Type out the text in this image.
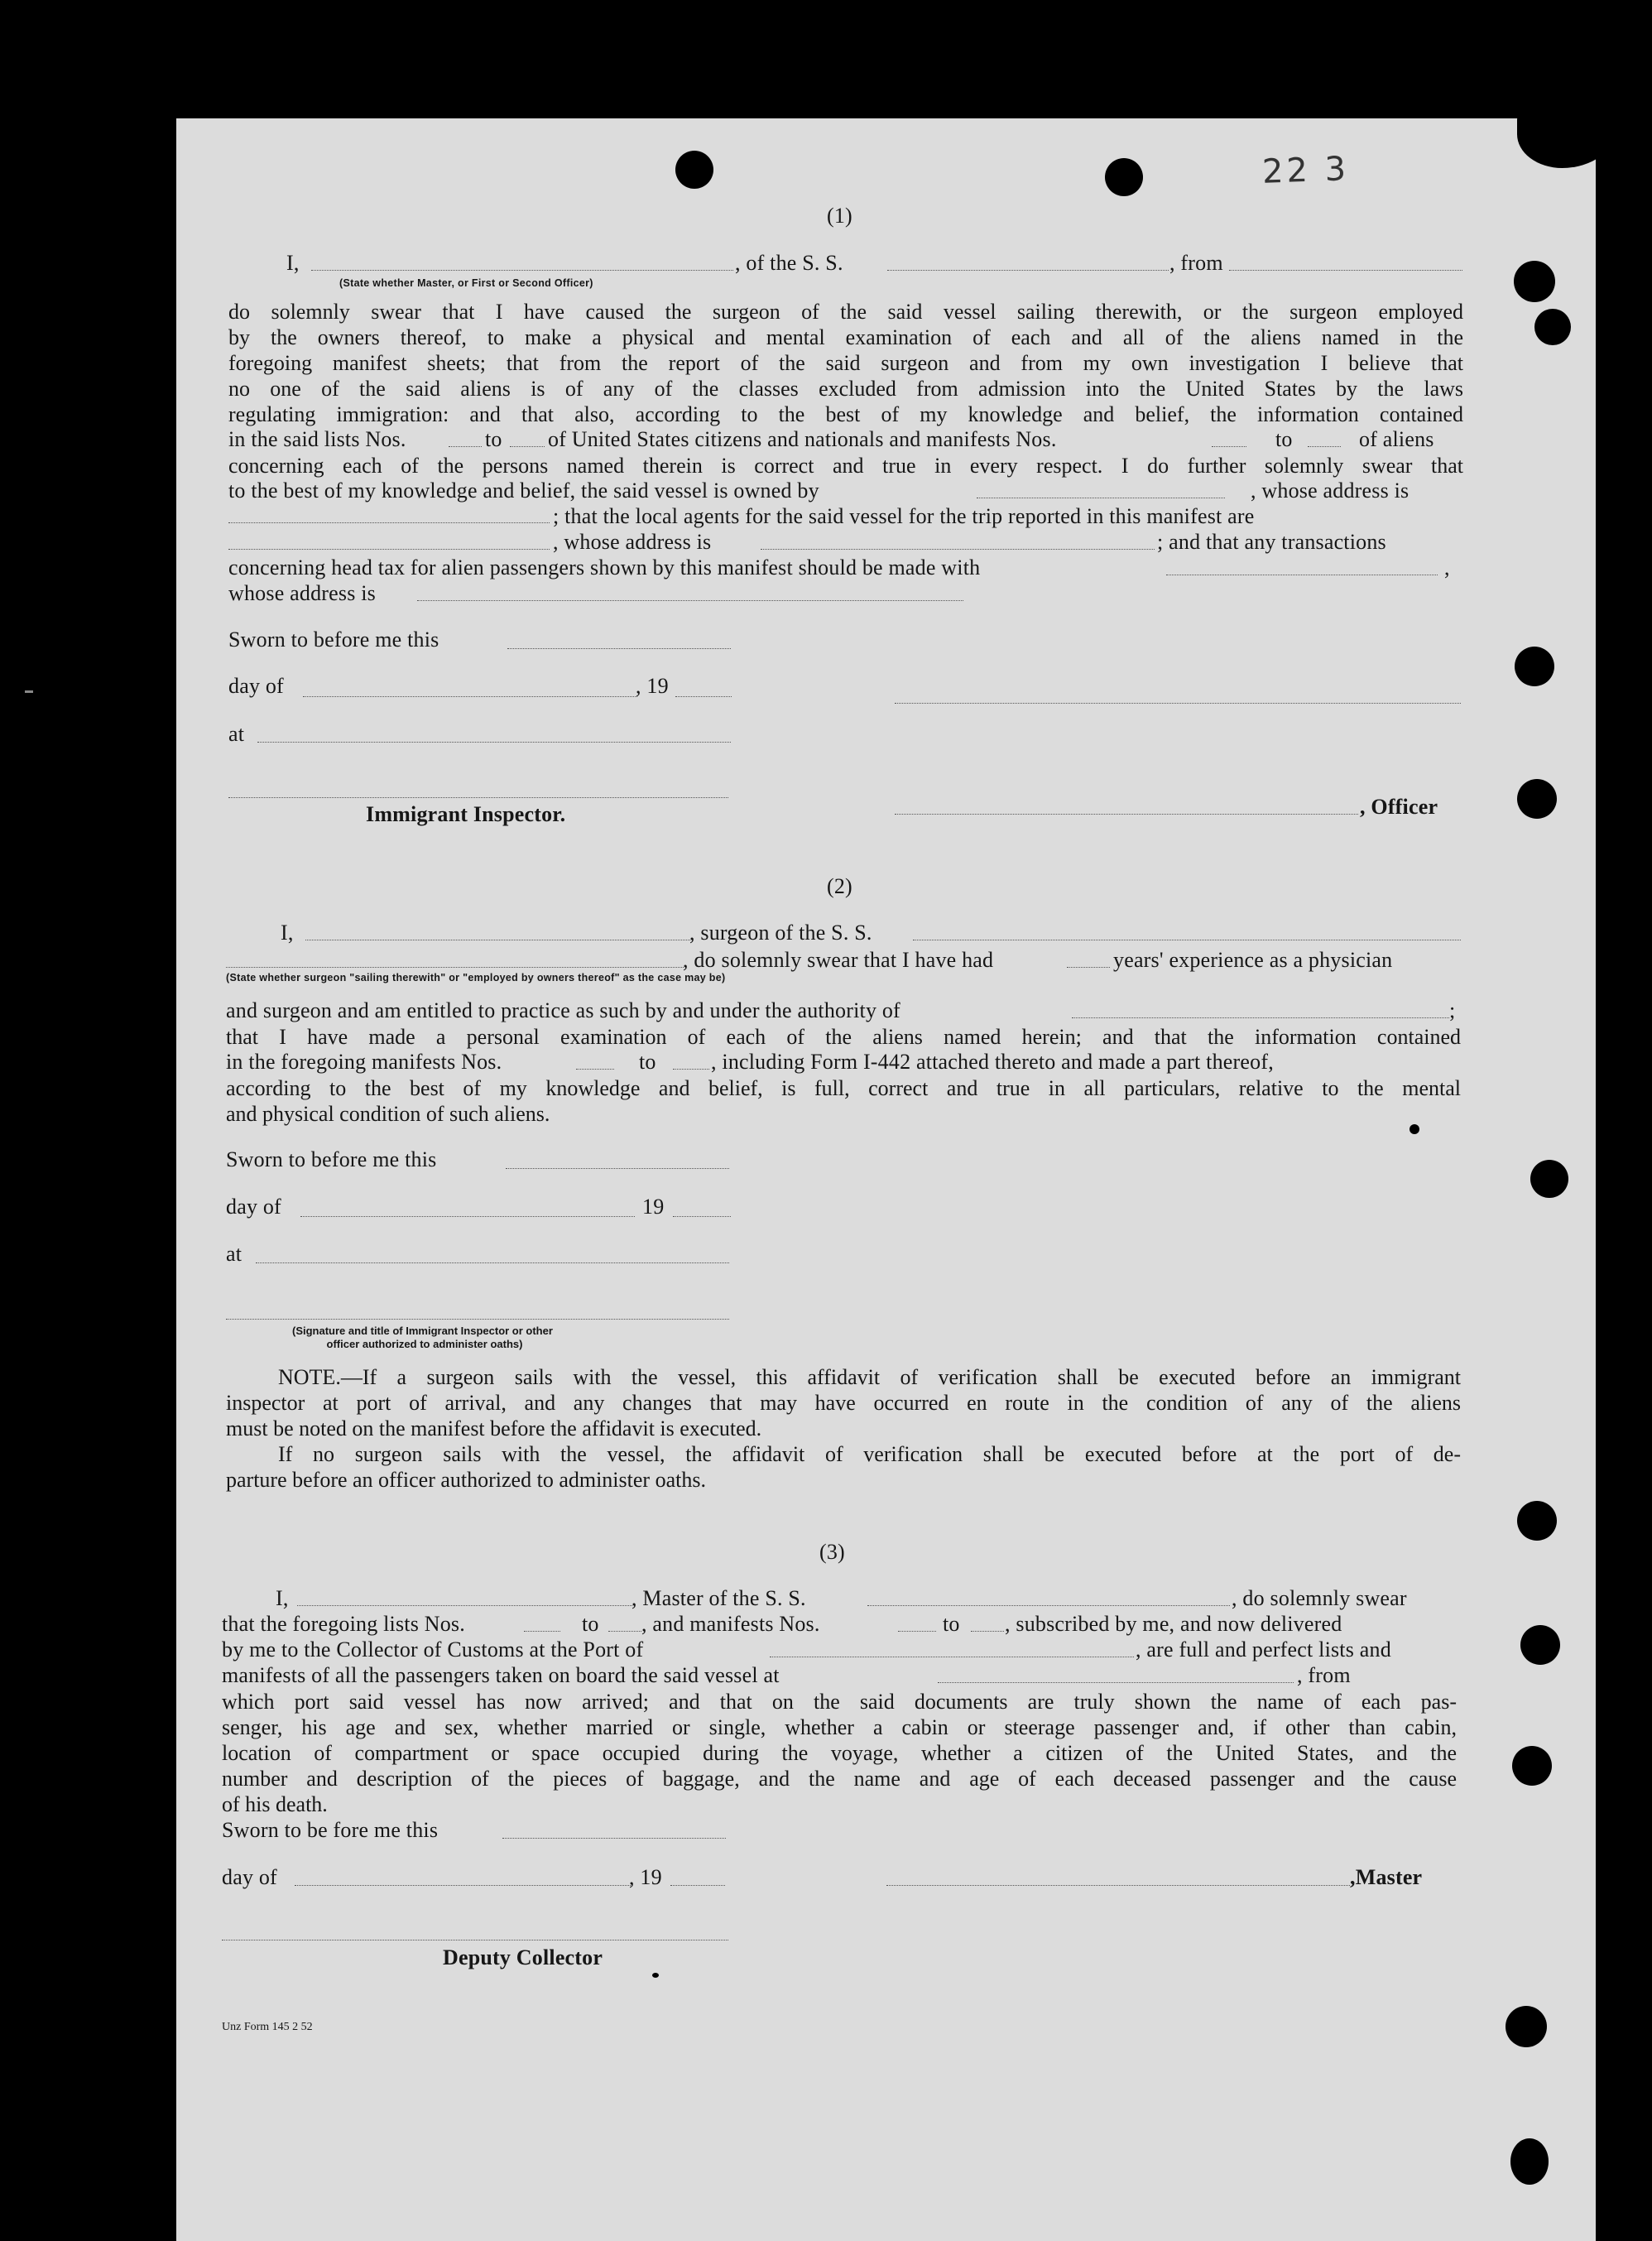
22 3
(1)
I,	, of the S. S.	, from
(State whether Master, or First or Second Officer)
do solemnly swear that I have caused the surgeon of the said vessel sailing therewith, or the surgeon employed
by the owners thereof, to make a physical and mental examination of each and all of the aliens named in the
foregoing manifest sheets; that from the report of the said surgeon and from my own investigation I believe that
no one of the said aliens is of any of the classes excluded from admission into the United States by the laws
regulating immigration: and that also, according to the best of my knowledge and belief, the information contained
in the said lists Nos.	to of United States citizens and nationals and manifests Nos.	to	of aliens
concerning each of the persons named therein is correct and true in every respect. I do further solemnly swear that
to the best of my knowledge and belief, the said vessel is owned by	, whose address is
; that the local agents for the said vessel for the trip reported in this manifest are
, whose address is	; and that any transactions
concerning head tax for alien passengers shown by this manifest should be made with	,
whose address is
Sworn to before me this
day of	, 19
at
Immigrant Inspector.	, Officer
(2)
I,	, surgeon of the S. S.
, do solemnly swear that I have had	years' experience as a physician
(State whether surgeon "sailing therewith" or "employed by owners thereof" as the case may be)
and surgeon and am entitled to practice as such by and under the authority of	;
that I have made a personal examination of each of the aliens named herein; and that the information contained
in the foregoing manifests Nos.	to	, including Form I-442 attached thereto and made a part thereof,
according to the best of my knowledge and belief, is full, correct and true in all particulars, relative to the mental
and physical condition of such aliens.
Sworn to before me this
day of	19
at
(Signature and title of Immigrant Inspector or other
officer authorized to administer oaths)
NOTE.—If a surgeon sails with the vessel, this affidavit of verification shall be executed before an immigrant
inspector at port of arrival, and any changes that may have occurred en route in the condition of any of the aliens
must be noted on the manifest before the affidavit is executed.
If no surgeon sails with the vessel, the affidavit of verification shall be executed before at the port of de-
parture before an officer authorized to administer oaths.
(3)
I,	, Master of the S. S.	, do solemnly swear
that the foregoing lists Nos.	to , and manifests Nos.	to , subscribed by me, and now delivered
by me to the Collector of Customs at the Port of	, are full and perfect lists and
manifests of all the passengers taken on board the said vessel at	, from
which port said vessel has now arrived; and that on the said documents are truly shown the name of each pas-
senger, his age and sex, whether married or single, whether a cabin or steerage passenger and, if other than cabin,
location of compartment or space occupied during the voyage, whether a citizen of the United States, and the
number and description of the pieces of baggage, and the name and age of each deceased passenger and the cause
of his death.
Sworn to be fore me this
day of	, 19	,Master
Deputy Collector
Unz Form 145 2 52
